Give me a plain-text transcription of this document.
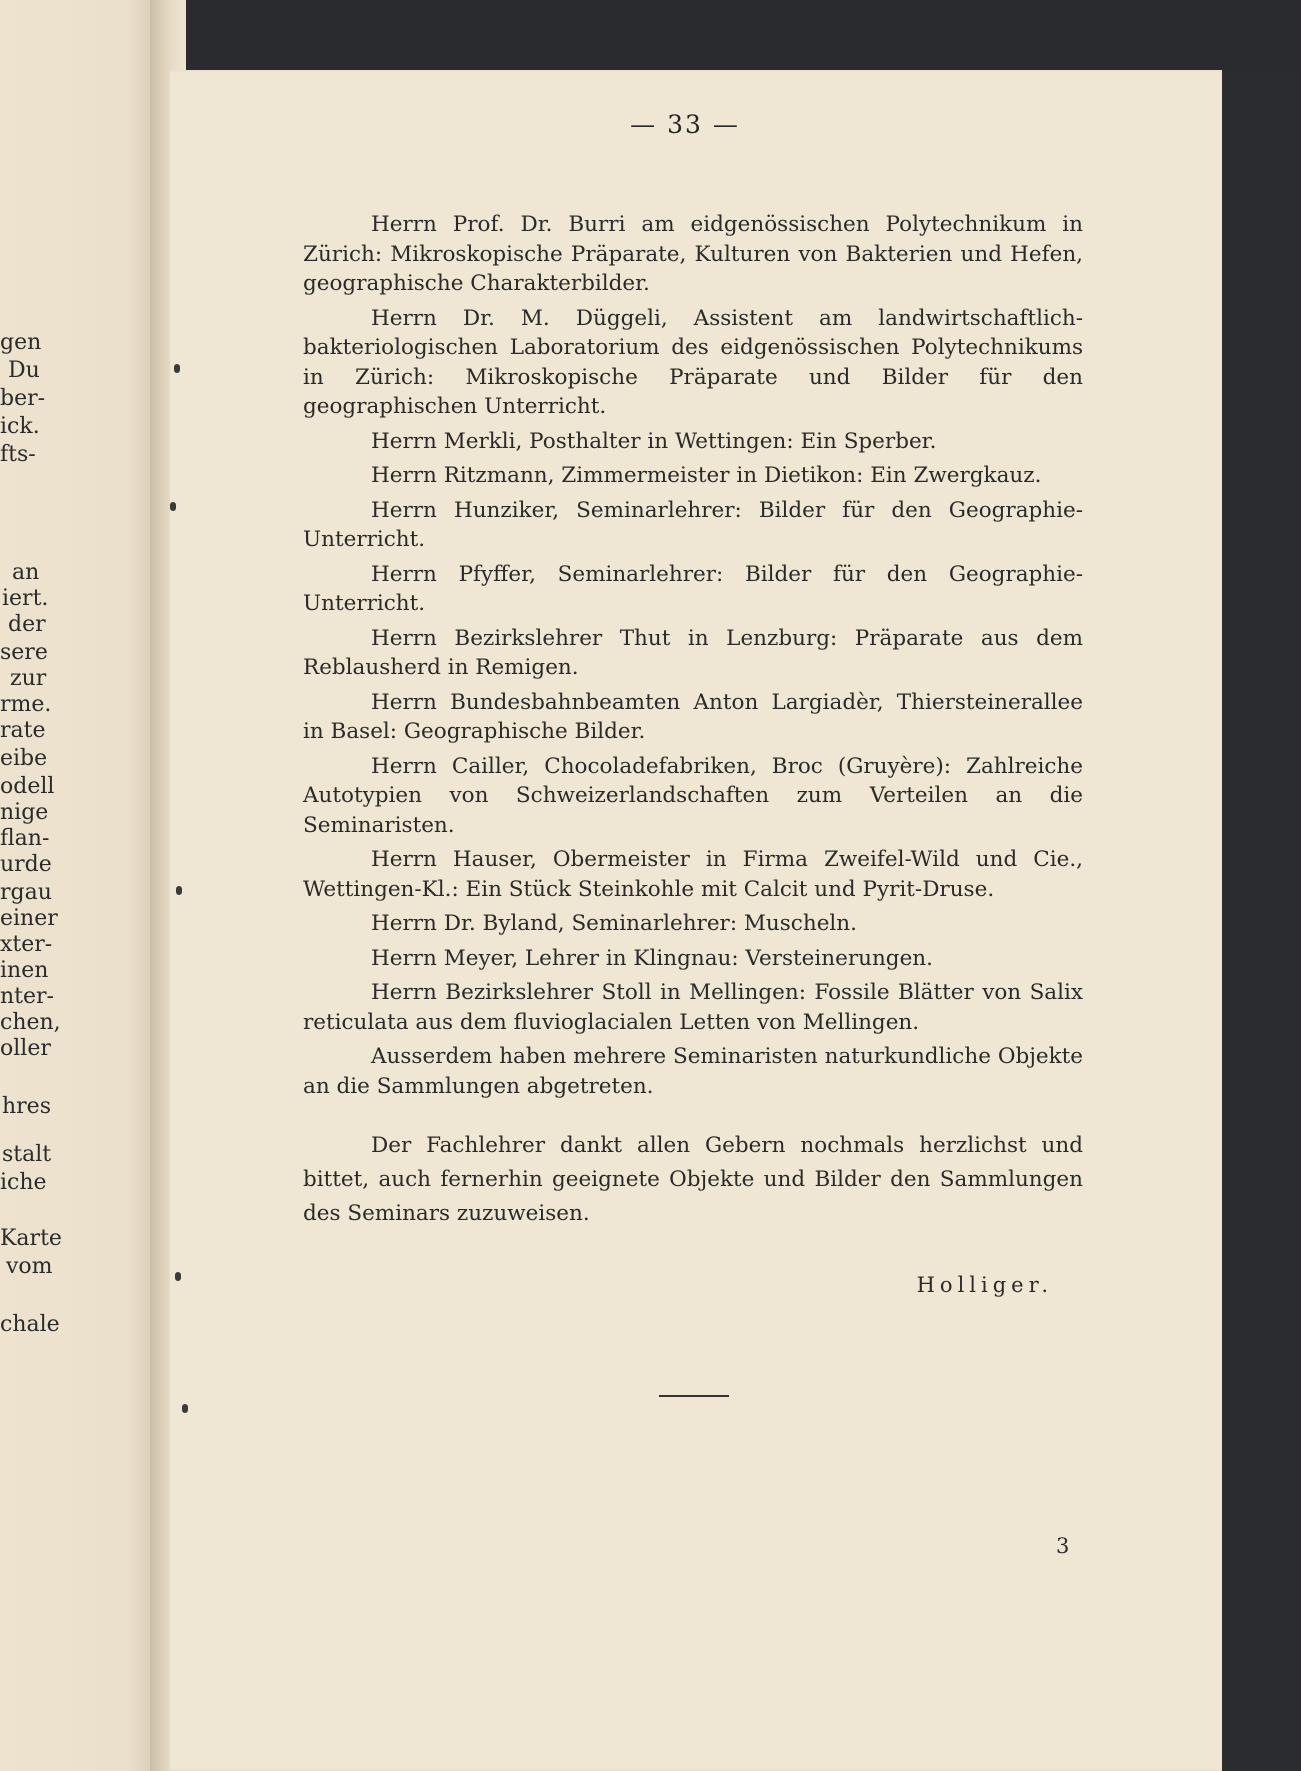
gen
Du
ber-
ick.
fts-
an
iert.
der
sere
zur
rme.
rate
eibe
odell
nige
flan-
urde
rgau
einer
xter-
inen
nter-
chen,
oller
hres
stalt
iche
Karte
vom
chale
— 33 —

Herrn Prof. Dr. Burri am eidgenössischen Polytechnikum in Zürich: Mikroskopische Präparate, Kulturen von Bakterien und Hefen, geographische Charakterbilder.

Herrn Dr. M. Düggeli, Assistent am landwirtschaftlich-bakteriologischen Laboratorium des eidgenössischen Polytechnikums in Zürich: Mikroskopische Präparate und Bilder für den geographischen Unterricht.

Herrn Merkli, Posthalter in Wettingen: Ein Sperber.

Herrn Ritzmann, Zimmermeister in Dietikon: Ein Zwergkauz.

Herrn Hunziker, Seminarlehrer: Bilder für den Geographie-Unterricht.

Herrn Pfyffer, Seminarlehrer: Bilder für den Geographie-Unterricht.

Herrn Bezirkslehrer Thut in Lenzburg: Präparate aus dem Reblausherd in Remigen.

Herrn Bundesbahnbeamten Anton Largiadèr, Thiersteinerallee in Basel: Geographische Bilder.

Herrn Cailler, Chocoladefabriken, Broc (Gruyère): Zahlreiche Autotypien von Schweizerlandschaften zum Verteilen an die Seminaristen.

Herrn Hauser, Obermeister in Firma Zweifel-Wild und Cie., Wettingen-Kl.: Ein Stück Steinkohle mit Calcit und Pyrit-Druse.

Herrn Dr. Byland, Seminarlehrer: Muscheln.

Herrn Meyer, Lehrer in Klingnau: Versteinerungen.

Herrn Bezirkslehrer Stoll in Mellingen: Fossile Blätter von Salix reticulata aus dem fluvioglacialen Letten von Mellingen.

Ausserdem haben mehrere Seminaristen naturkundliche Objekte an die Sammlungen abgetreten.

Der Fachlehrer dankt allen Gebern nochmals herzlichst und bittet, auch fernerhin geeignete Objekte und Bilder den Sammlungen des Seminars zuzuweisen.

Holliger.
3
